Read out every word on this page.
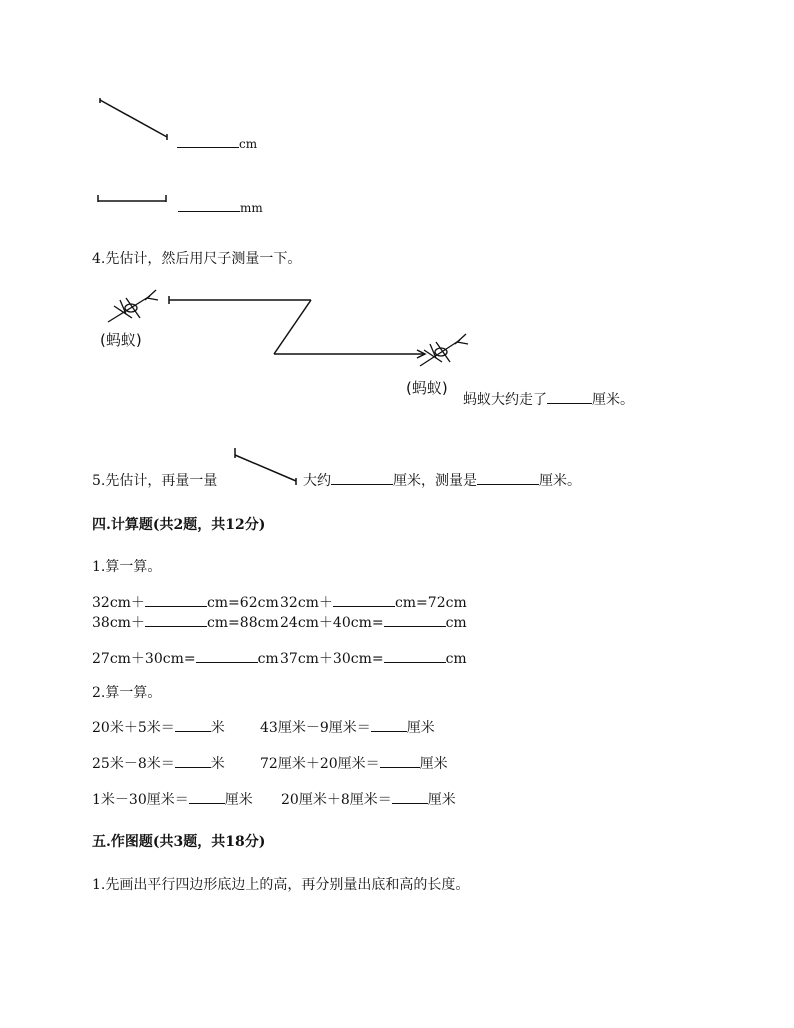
cm
mm
4.先估计，然后用尺子测量一下。
(蚂蚁)
(蚂蚁)
蚂蚁大约走了	厘米。
5.先估计，再量一量	大约	厘米，测量是	厘米。
四.计算题(共2题，共12分)
1.算一算。
32cm＋	cm=62cm 32cm＋	cm=72cm
38cm＋	cm=88cm 24cm＋40cm=	cm
27cm＋30cm=	cm 37cm＋30cm=	cm
2.算一算。
20米＋5米＝	米	43厘米－9厘米＝	厘米
25米－8米＝	米	72厘米＋20厘米＝	厘米
1米－30厘米＝	厘米 20厘米＋8厘米＝	厘米
五.作图题(共3题，共18分)
1.先画出平行四边形底边上的高，再分别量出底和高的长度。
